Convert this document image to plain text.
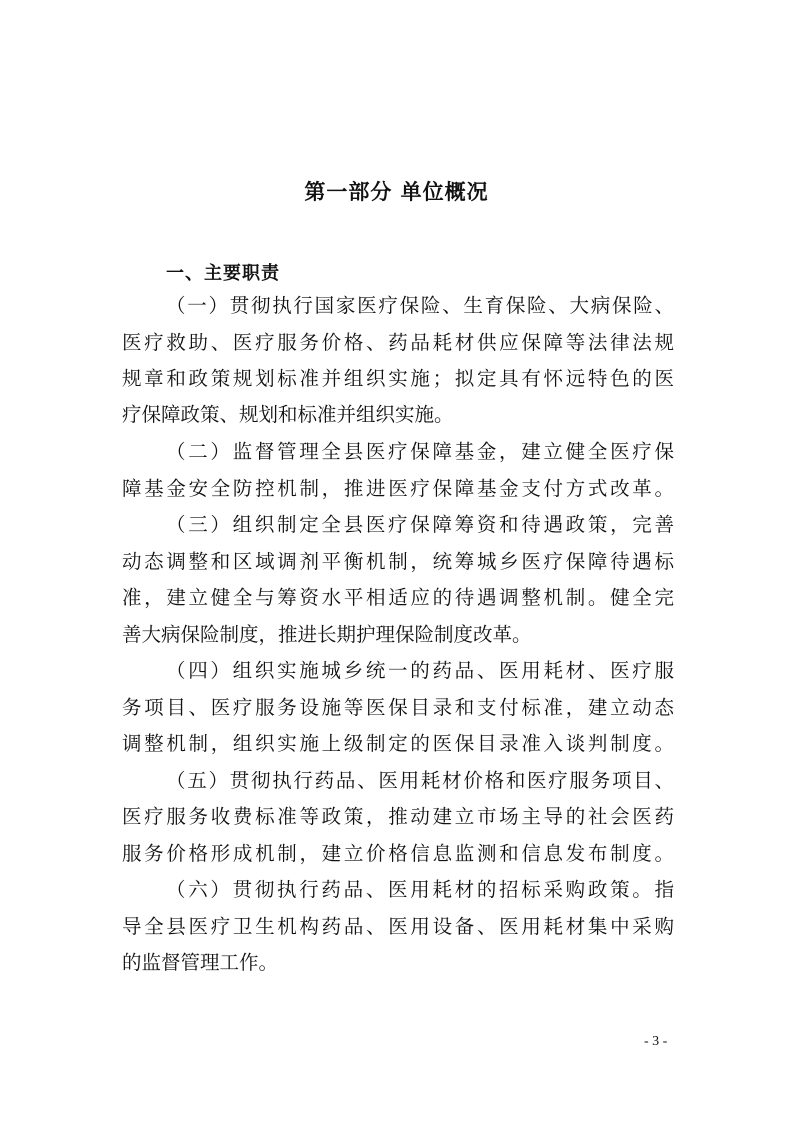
第一部分 单位概况
一、主要职责
（一）贯彻执行国家医疗保险、生育保险、大病保险、
医疗救助、医疗服务价格、药品耗材供应保障等法律法规
规章和政策规划标准并组织实施；拟定具有怀远特色的医
疗保障政策、规划和标准并组织实施。
（二）监督管理全县医疗保障基金，建立健全医疗保
障基金安全防控机制，推进医疗保障基金支付方式改革。
（三）组织制定全县医疗保障筹资和待遇政策，完善
动态调整和区域调剂平衡机制，统筹城乡医疗保障待遇标
准，建立健全与筹资水平相适应的待遇调整机制。健全完
善大病保险制度，推进长期护理保险制度改革。
（四）组织实施城乡统一的药品、医用耗材、医疗服
务项目、医疗服务设施等医保目录和支付标准，建立动态
调整机制，组织实施上级制定的医保目录准入谈判制度。
（五）贯彻执行药品、医用耗材价格和医疗服务项目、
医疗服务收费标准等政策，推动建立市场主导的社会医药
服务价格形成机制，建立价格信息监测和信息发布制度。
（六）贯彻执行药品、医用耗材的招标采购政策。指
导全县医疗卫生机构药品、医用设备、医用耗材集中采购
的监督管理工作。
- 3 -
